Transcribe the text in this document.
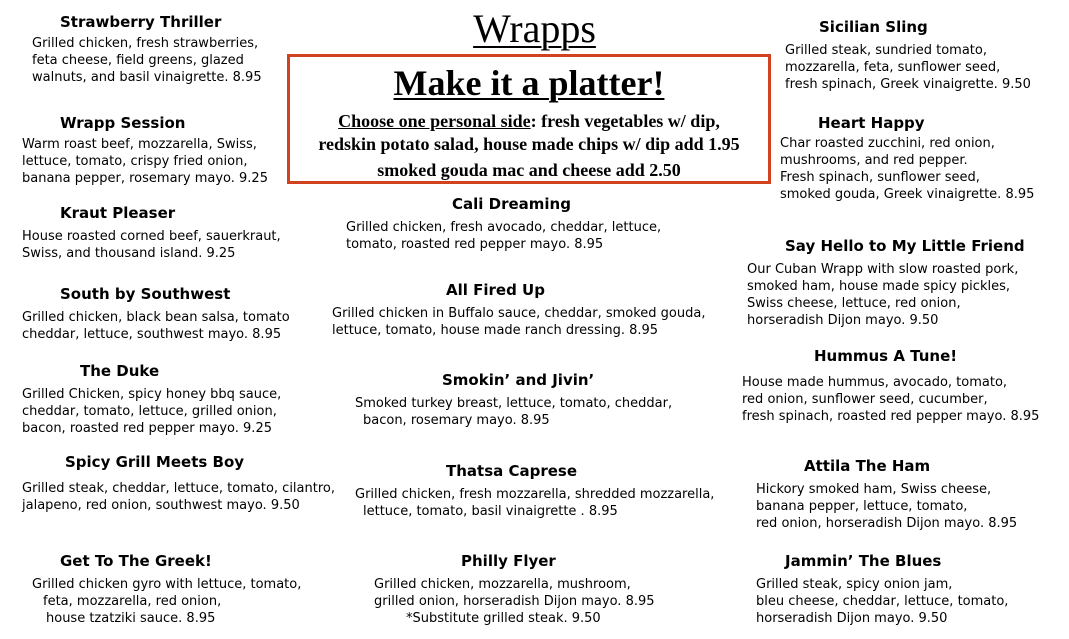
Wrapps
Make it a platter!
Choose one personal side: fresh vegetables w/ dip,
redskin potato salad, house made chips w/ dip add 1.95
smoked gouda mac and cheese add 2.50
Strawberry Thriller
Grilled chicken, fresh strawberries,
feta cheese, field greens, glazed
walnuts, and basil vinaigrette. 8.95
Wrapp Session
Warm roast beef, mozzarella, Swiss,
lettuce, tomato, crispy fried onion,
banana pepper, rosemary mayo. 9.25
Kraut Pleaser
House roasted corned beef, sauerkraut,
Swiss, and thousand island. 9.25
South by Southwest
Grilled chicken, black bean salsa, tomato
cheddar, lettuce, southwest mayo. 8.95
The Duke
Grilled Chicken, spicy honey bbq sauce,
cheddar, tomato, lettuce, grilled onion,
bacon, roasted red pepper mayo. 9.25
Spicy Grill Meets Boy
Grilled steak, cheddar, lettuce, tomato, cilantro,
jalapeno, red onion, southwest mayo. 9.50
Get To The Greek!
Grilled chicken gyro with lettuce, tomato,
feta, mozzarella, red onion,
house tzatziki sauce. 8.95
Cali Dreaming
Grilled chicken, fresh avocado, cheddar, lettuce,
tomato, roasted red pepper mayo. 8.95
All Fired Up
Grilled chicken in Buffalo sauce, cheddar, smoked gouda,
lettuce, tomato, house made ranch dressing. 8.95
Smokin’ and Jivin’
Smoked turkey breast, lettuce, tomato, cheddar,
bacon, rosemary mayo. 8.95
Thatsa Caprese
Grilled chicken, fresh mozzarella, shredded mozzarella,
lettuce, tomato, basil vinaigrette . 8.95
Philly Flyer
Grilled chicken, mozzarella, mushroom,
grilled onion, horseradish Dijon mayo. 8.95
*Substitute grilled steak. 9.50
Sicilian Sling
Grilled steak, sundried tomato,
mozzarella, feta, sunflower seed,
fresh spinach, Greek vinaigrette. 9.50
Heart Happy
Char roasted zucchini, red onion,
mushrooms, and red pepper.
Fresh spinach, sunflower seed,
smoked gouda, Greek vinaigrette. 8.95
Say Hello to My Little Friend
Our Cuban Wrapp with slow roasted pork,
smoked ham, house made spicy pickles,
Swiss cheese, lettuce, red onion,
horseradish Dijon mayo. 9.50
Hummus A Tune!
House made hummus, avocado, tomato,
red onion, sunflower seed, cucumber,
fresh spinach, roasted red pepper mayo. 8.95
Attila The Ham
Hickory smoked ham, Swiss cheese,
banana pepper, lettuce, tomato,
red onion, horseradish Dijon mayo. 8.95
Jammin’ The Blues
Grilled steak, spicy onion jam,
bleu cheese, cheddar, lettuce, tomato,
horseradish Dijon mayo. 9.50
